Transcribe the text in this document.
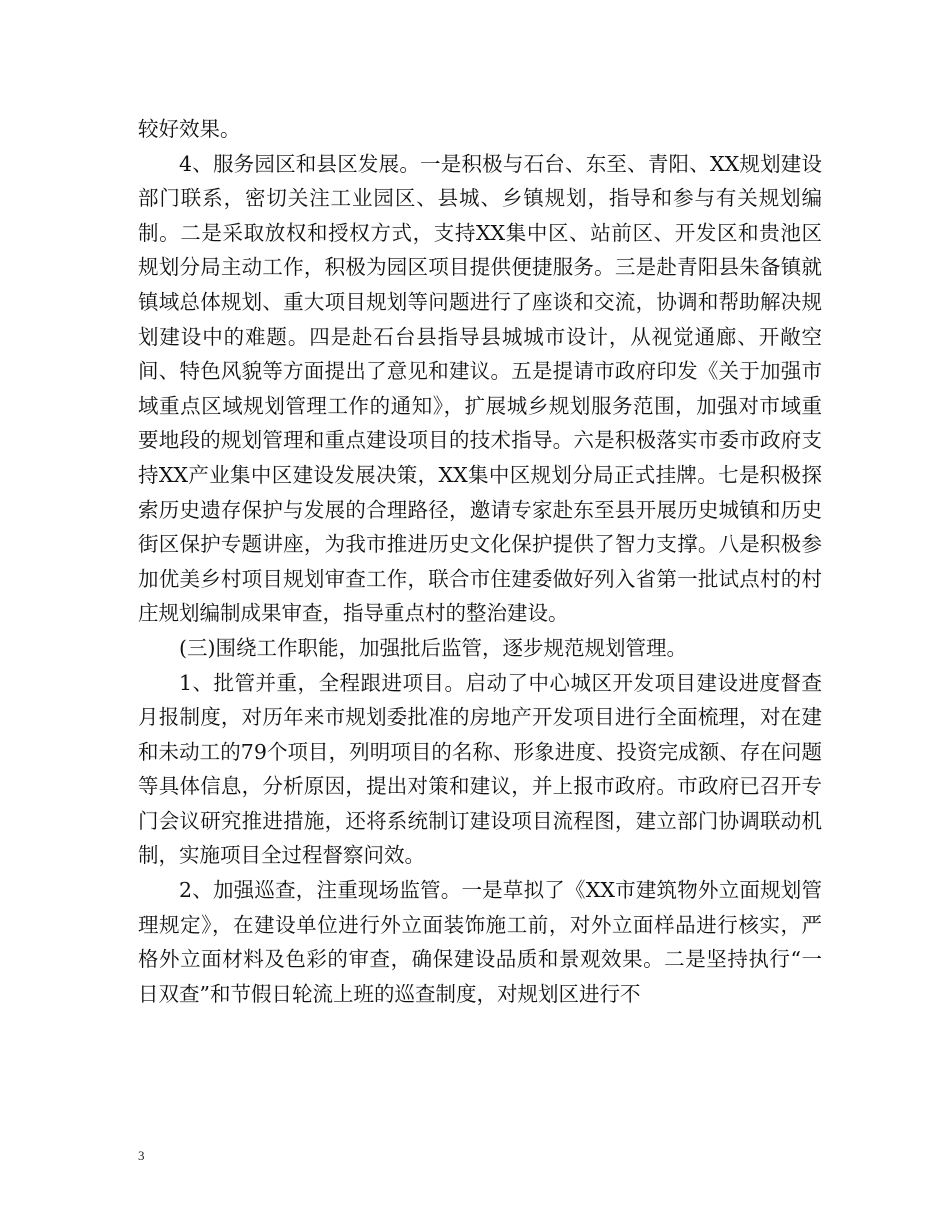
较好效果。

4、服务园区和县区发展。一是积极与石台、东至、青阳、XX规划建设部门联系，密切关注工业园区、县城、乡镇规划，指导和参与有关规划编制。二是采取放权和授权方式，支持XX集中区、站前区、开发区和贵池区规划分局主动工作，积极为园区项目提供便捷服务。三是赴青阳县朱备镇就镇域总体规划、重大项目规划等问题进行了座谈和交流，协调和帮助解决规划建设中的难题。四是赴石台县指导县城城市设计，从视觉通廊、开敞空间、特色风貌等方面提出了意见和建议。五是提请市政府印发《关于加强市域重点区域规划管理工作的通知》，扩展城乡规划服务范围，加强对市域重要地段的规划管理和重点建设项目的技术指导。六是积极落实市委市政府支持XX产业集中区建设发展决策，XX集中区规划分局正式挂牌。七是积极探索历史遗存保护与发展的合理路径，邀请专家赴东至县开展历史城镇和历史街区保护专题讲座，为我市推进历史文化保护提供了智力支撑。八是积极参加优美乡村项目规划审查工作，联合市住建委做好列入省第一批试点村的村庄规划编制成果审查，指导重点村的整治建设。

(三)围绕工作职能，加强批后监管，逐步规范规划管理。

1、批管并重，全程跟进项目。启动了中心城区开发项目建设进度督查月报制度，对历年来市规划委批准的房地产开发项目进行全面梳理，对在建和未动工的79个项目，列明项目的名称、形象进度、投资完成额、存在问题等具体信息，分析原因，提出对策和建议，并上报市政府。市政府已召开专门会议研究推进措施，还将系统制订建设项目流程图，建立部门协调联动机制，实施项目全过程督察问效。

2、加强巡查，注重现场监管。一是草拟了《XX市建筑物外立面规划管理规定》，在建设单位进行外立面装饰施工前，对外立面样品进行核实，严格外立面材料及色彩的审查，确保建设品质和景观效果。二是坚持执行“一日双查”和节假日轮流上班的巡查制度，对规划区进行不

3
